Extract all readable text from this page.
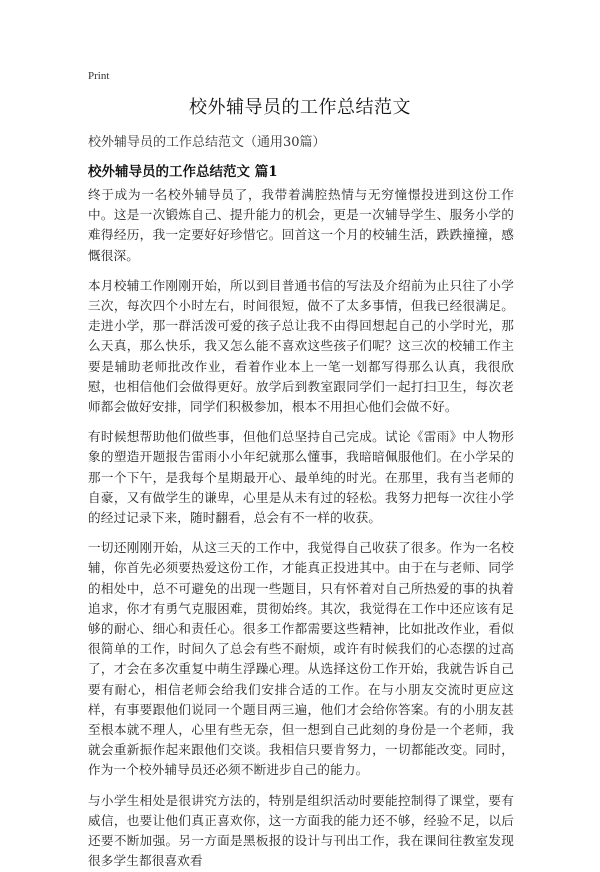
Print
校外辅导员的工作总结范文
校外辅导员的工作总结范文（通用30篇）
校外辅导员的工作总结范文 篇1

终于成为一名校外辅导员了，我带着满腔热情与无穷憧憬投进到这份工作中。这是一次锻炼自己、提升能力的机会，更是一次辅导学生、服务小学的难得经历，我一定要好好珍惜它。回首这一个月的校辅生活，跌跌撞撞，感慨很深。

本月校辅工作刚刚开始，所以到目普通书信的写法及介绍前为止只往了小学三次，每次四个小时左右，时间很短，做不了太多事情，但我已经很满足。走进小学，那一群活泼可爱的孩子总让我不由得回想起自己的小学时光，那么天真，那么快乐，我又怎么能不喜欢这些孩子们呢？这三次的校辅工作主要是辅助老师批改作业，看着作业本上一笔一划都写得那么认真，我很欣慰，也相信他们会做得更好。放学后到教室跟同学们一起打扫卫生，每次老师都会做好安排，同学们积极参加，根本不用担心他们会做不好。

有时候想帮助他们做些事，但他们总坚持自己完成。试论《雷雨》中人物形象的塑造开题报告雷雨小小年纪就那么懂事，我暗暗佩服他们。在小学呆的那一个下午，是我每个星期最开心、最单纯的时光。在那里，我有当老师的自豪，又有做学生的谦卑，心里是从未有过的轻松。我努力把每一次往小学的经过记录下来，随时翻看，总会有不一样的收获。

一切还刚刚开始，从这三天的工作中，我觉得自己收获了很多。作为一名校辅，你首先必须要热爱这份工作，才能真正投进其中。由于在与老师、同学的相处中，总不可避免的出现一些题目，只有怀着对自己所热爱的事的执着追求，你才有勇气克服困难，贯彻始终。其次，我觉得在工作中还应该有足够的耐心、细心和责任心。很多工作都需要这些精神，比如批改作业，看似很简单的工作，时间久了总会有些不耐烦，或许有时候我们的心态摆的过高了，才会在多次重复中萌生浮躁心理。从选择这份工作开始，我就告诉自己要有耐心，相信老师会给我们安排合适的工作。在与小朋友交流时更应这样，有事要跟他们说同一个题目两三遍，他们才会给你答案。有的小朋友甚至根本就不理人，心里有些无奈，但一想到自己此刻的身份是一个老师，我就会重新振作起来跟他们交谈。我相信只要肯努力，一切都能改变。同时，作为一个校外辅导员还必须不断进步自己的能力。

与小学生相处是很讲究方法的，特别是组织活动时要能控制得了课堂，要有威信，也要让他们真正喜欢你，这一方面我的能力还不够，经验不足，以后还要不断加强。另一方面是黑板报的设计与刊出工作，我在课间往教室发现很多学生都很喜欢看
